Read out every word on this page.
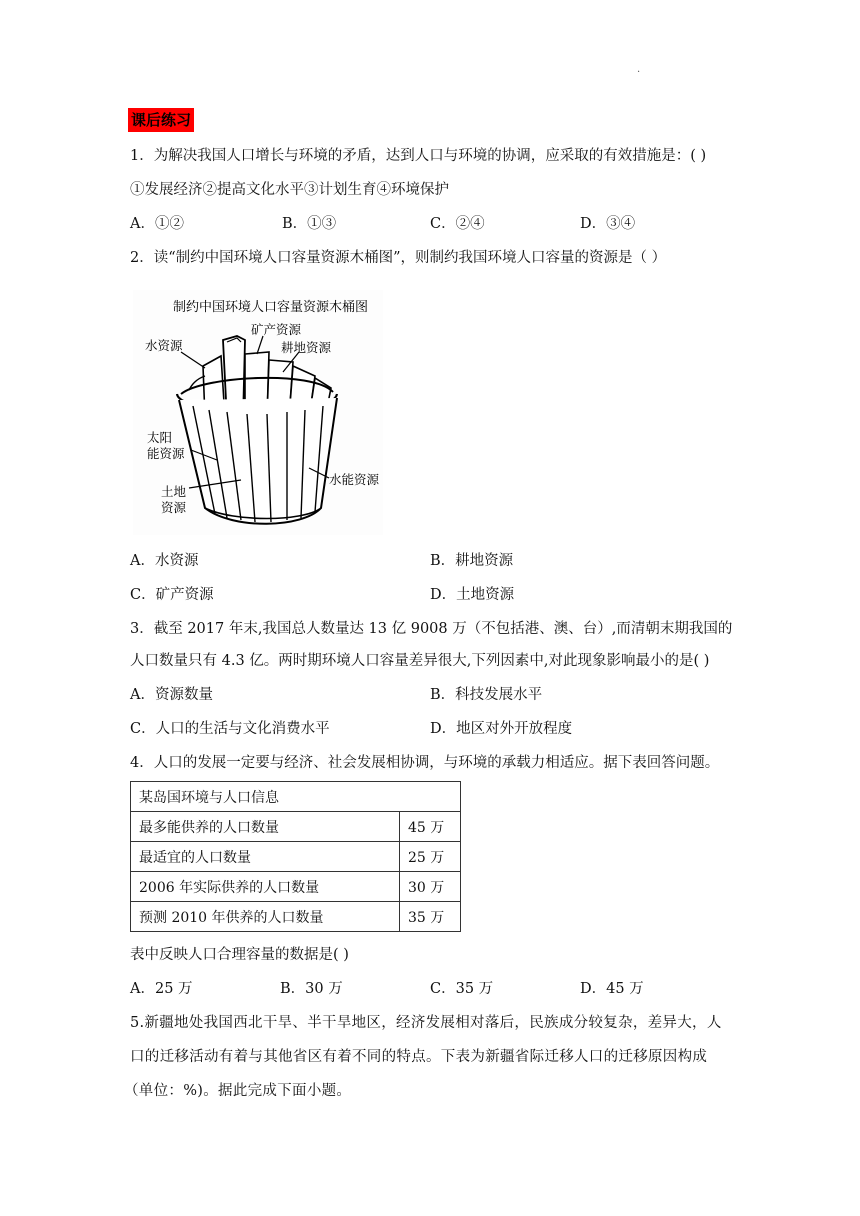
.
课后练习
1．为解决我国人口增长与环境的矛盾，达到人口与环境的协调，应采取的有效措施是：( )
①发展经济②提高文化水平③计划生育④环境保护
A．①②	B．①③	C．②④	D．③④
2．读“制约中国环境人口容量资源木桶图”，则制约我国环境人口容量的资源是（ ）
制约中国环境人口容量资源木桶图
矿产资源
水资源	耕地资源
太阳
能资源
水能资源
土地
资源
A．水资源	B．耕地资源
C．矿产资源	D．土地资源
3．截至 2017 年末,我国总人数量达 13 亿 9008 万（不包括港、澳、台）,而清朝末期我国的
人口数量只有 4.3 亿。两时期环境人口容量差异很大,下列因素中,对此现象影响最小的是( )
A．资源数量	B．科技发展水平
C．人口的生活与文化消费水平	D．地区对外开放程度
4．人口的发展一定要与经济、社会发展相协调，与环境的承载力相适应。据下表回答问题。
某岛国环境与人口信息	
最多能供养的人口数量	45 万
最适宜的人口数量	25 万
2006 年实际供养的人口数量	30 万
预测 2010 年供养的人口数量	35 万
表中反映人口合理容量的数据是( )
A．25 万	B．30 万	C．35 万	D．45 万
5.新疆地处我国西北干旱、半干旱地区，经济发展相对落后，民族成分较复杂，差异大，人
口的迁移活动有着与其他省区有着不同的特点。下表为新疆省际迁移人口的迁移原因构成
（单位：%)。据此完成下面小题。
